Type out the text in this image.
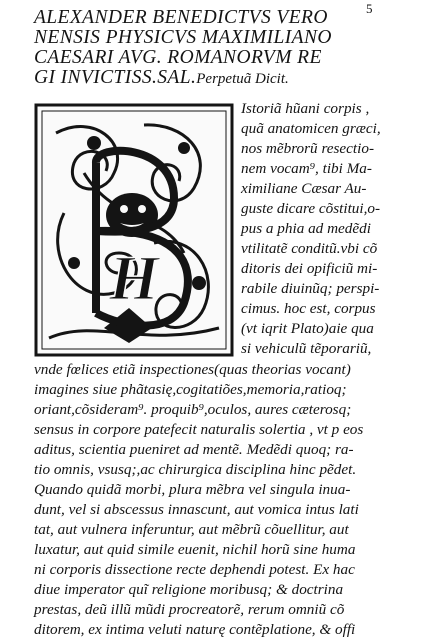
5
ALEXANDER BENEDICTVS VERO
NENSIS PHYSICVS MAXIMILIANO
CAESARI AVG. ROMANORVM RE
GI INVICTISS.SAL.Perpetuã Dicit.
H
Istoriã hũani corpis ,
quã anatomicen græci,
nos mẽbrorũ resectio-
nem vocam⁹, tibi Ma-
ximiliane Cæsar Au-
guste dicare cõstitui,o-
pus a phia ad medẽdi
vtilitatẽ conditũ.vbi cõ
ditoris dei opificiũ mi-
rabile diuinũq; perspi-
cimus. hoc est, corpus
(vt iqrit Plato)aie qua
si vehiculũ tẽporariũ,
vnde fœlices etiã inspectiones(quas theorias vocant)
imagines siue phãtasię,cogitatiões,memoria,ratioq;
oriant,cõsideram⁹. proquib⁹,oculos, aures cæterosq;
sensus in corpore patefecit naturalis solertia , vt p eos
aditus, scientia pueniret ad mentẽ. Medẽdi quoq; ra-
tio omnis, vsusq;,ac chirurgica disciplina hinc pẽdet.
Quando quidã morbi, plura mẽbra vel singula inua-
dunt, vel si abscessus innascunt, aut vomica intus lati
tat, aut vulnera inferuntur, aut mẽbrũ cõuellitur, aut
luxatur, aut quid simile euenit, nichil horũ sine huma
ni corporis dissectione recte dephendi potest. Ex hac
diue imperator quĩ religione moribusq; & doctrina
prestas, deũ illũ mũdi procreatorẽ, rerum omniũ cõ
ditorem, ex intima veluti naturę contẽplatione, & offi
